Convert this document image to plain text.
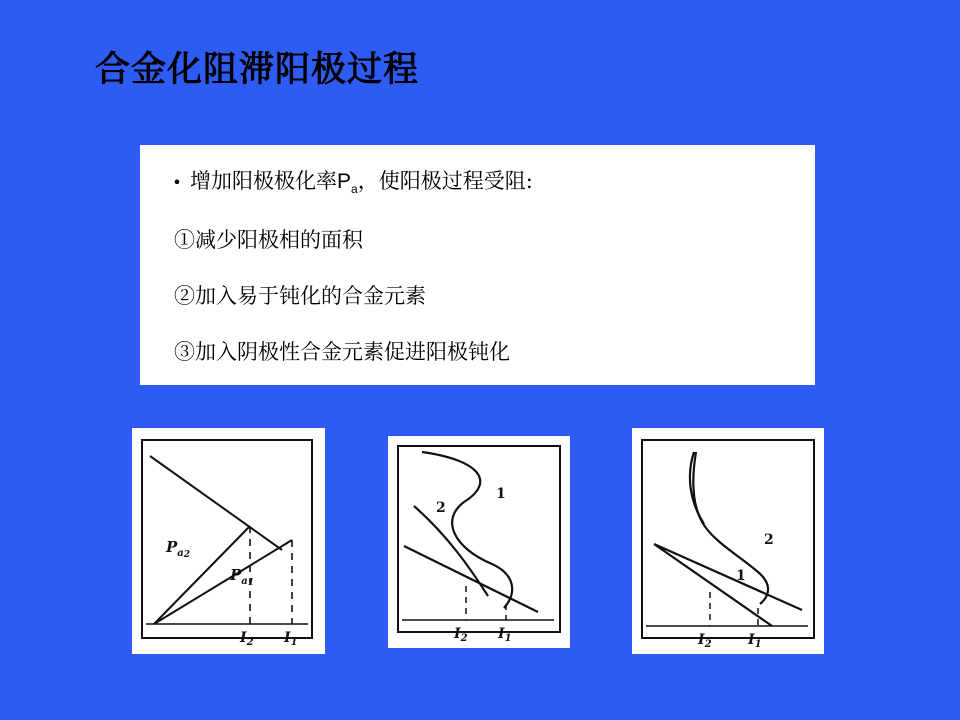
合金化阻滞阳极过程
• 增加阳极极化率$P_a$，使阳极过程受阻:
①减少阳极相的面积
②加入易于钝化的合金元素
③加入阴极性合金元素促进阳极钝化
$P_a2$
$P_a1$
$I_2$ $I_1$
2
1
$I_2$ $I_1$
2
1
$I_2$	$I_1$
